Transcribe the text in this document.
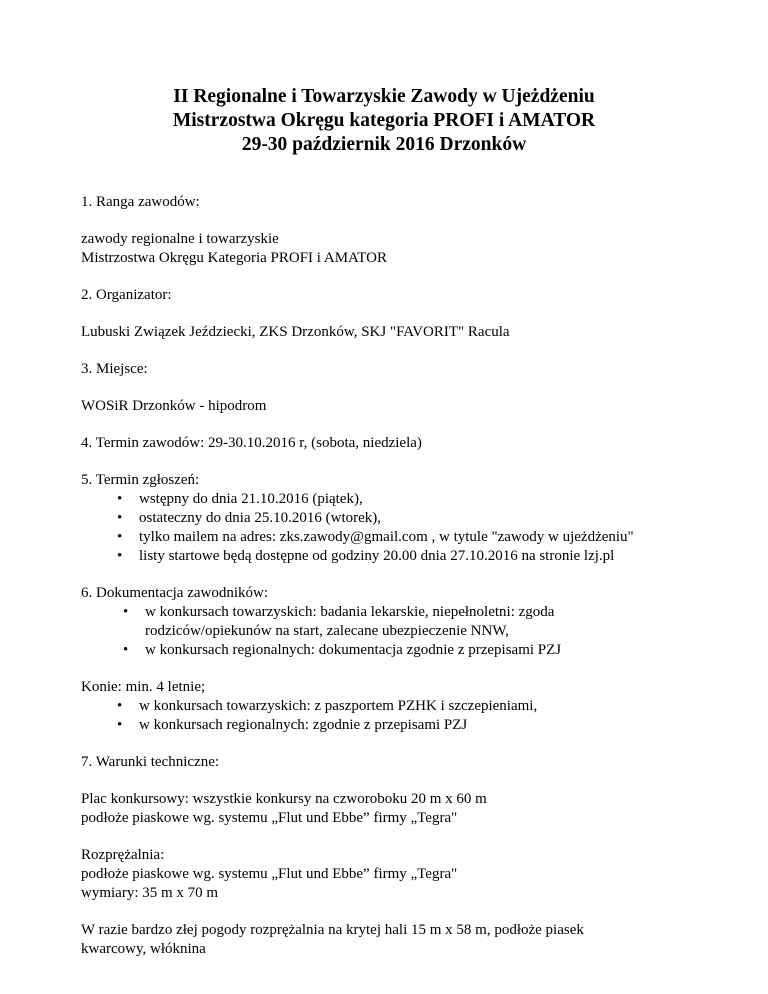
II Regionalne i Towarzyskie Zawody w Ujeżdżeniu
Mistrzostwa Okręgu kategoria PROFI i AMATOR
29-30 październik 2016 Drzonków
1. Ranga zawodów:
zawody regionalne i towarzyskie
Mistrzostwa Okręgu Kategoria PROFI i AMATOR
2. Organizator:
Lubuski Związek Jeździecki, ZKS Drzonków, SKJ "FAVORIT" Racula
3. Miejsce:
WOSiR Drzonków - hipodrom
4. Termin zawodów: 29-30.10.2016 r, (sobota, niedziela)
5. Termin zgłoszeń:
• wstępny do dnia 21.10.2016 (piątek),
• ostateczny do dnia 25.10.2016 (wtorek),
• tylko mailem na adres: zks.zawody@gmail.com , w tytule "zawody w ujeżdżeniu"
• listy startowe będą dostępne od godziny 20.00 dnia 27.10.2016 na stronie lzj.pl
6. Dokumentacja zawodników:
• w konkursach towarzyskich: badania lekarskie, niepełnoletni: zgoda rodziców/opiekunów na start, zalecane ubezpieczenie NNW,
• w konkursach regionalnych: dokumentacja zgodnie z przepisami PZJ
Konie: min. 4 letnie;
• w konkursach towarzyskich: z paszportem PZHK i szczepieniami,
• w konkursach regionalnych: zgodnie z przepisami PZJ
7. Warunki techniczne:
Plac konkursowy: wszystkie konkursy na czworoboku 20 m x 60 m
podłoże piaskowe wg. systemu „Flut und Ebbe” firmy „Tegra"
Rozprężalnia:
podłoże piaskowe wg. systemu „Flut und Ebbe” firmy „Tegra"
wymiary: 35 m x 70 m
W razie bardzo złej pogody rozprężalnia na krytej hali 15 m x 58 m, podłoże piasek kwarcowy, włóknina
